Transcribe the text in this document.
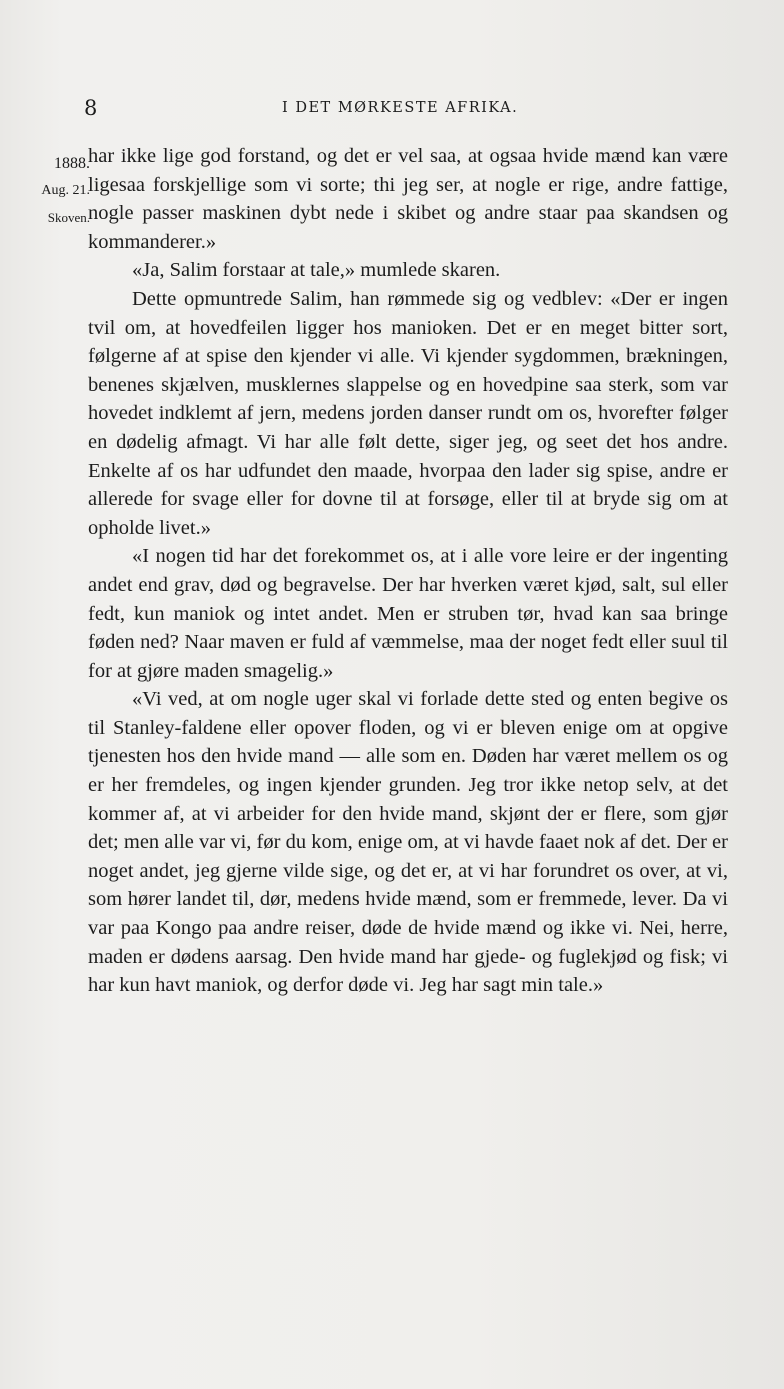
8	I DET MØRKESTE AFRIKA.
1888.
Aug. 21.
Skoven.

har ikke lige god forstand, og det er vel saa, at ogsaa hvide mænd kan være ligesaa forskjellige som vi sorte; thi jeg ser, at nogle er rige, andre fattige, nogle passer maskinen dybt nede i skibet og andre staar paa skandsen og kommanderer.»

«Ja, Salim forstaar at tale,» mumlede skaren.

Dette opmuntrede Salim, han rømmede sig og vedblev: «Der er ingen tvil om, at hovedfeilen ligger hos manioken. Det er en meget bitter sort, følgerne af at spise den kjender vi alle. Vi kjender sygdommen, brækningen, benenes skjælven, musklernes slappelse og en hovedpine saa sterk, som var hovedet indklemt af jern, medens jorden danser rundt om os, hvorefter følger en dødelig afmagt. Vi har alle følt dette, siger jeg, og seet det hos andre. Enkelte af os har udfundet den maade, hvorpaa den lader sig spise, andre er allerede for svage eller for dovne til at forsøge, eller til at bryde sig om at opholde livet.»

«I nogen tid har det forekommet os, at i alle vore leire er der ingenting andet end grav, død og begravelse. Der har hverken været kjød, salt, sul eller fedt, kun maniok og intet andet. Men er struben tør, hvad kan saa bringe føden ned? Naar maven er fuld af væmmelse, maa der noget fedt eller suul til for at gjøre maden smagelig.»

«Vi ved, at om nogle uger skal vi forlade dette sted og enten begive os til Stanley-faldene eller opover floden, og vi er bleven enige om at opgive tjenesten hos den hvide mand — alle som en. Døden har været mellem os og er her fremdeles, og ingen kjender grunden. Jeg tror ikke netop selv, at det kommer af, at vi arbeider for den hvide mand, skjønt der er flere, som gjør det; men alle var vi, før du kom, enige om, at vi havde faaet nok af det. Der er noget andet, jeg gjerne vilde sige, og det er, at vi har forundret os over, at vi, som hører landet til, dør, medens hvide mænd, som er fremmede, lever. Da vi var paa Kongo paa andre reiser, døde de hvide mænd og ikke vi. Nei, herre, maden er dødens aarsag. Den hvide mand har gjede- og fuglekjød og fisk; vi har kun havt maniok, og derfor døde vi. Jeg har sagt min tale.»
